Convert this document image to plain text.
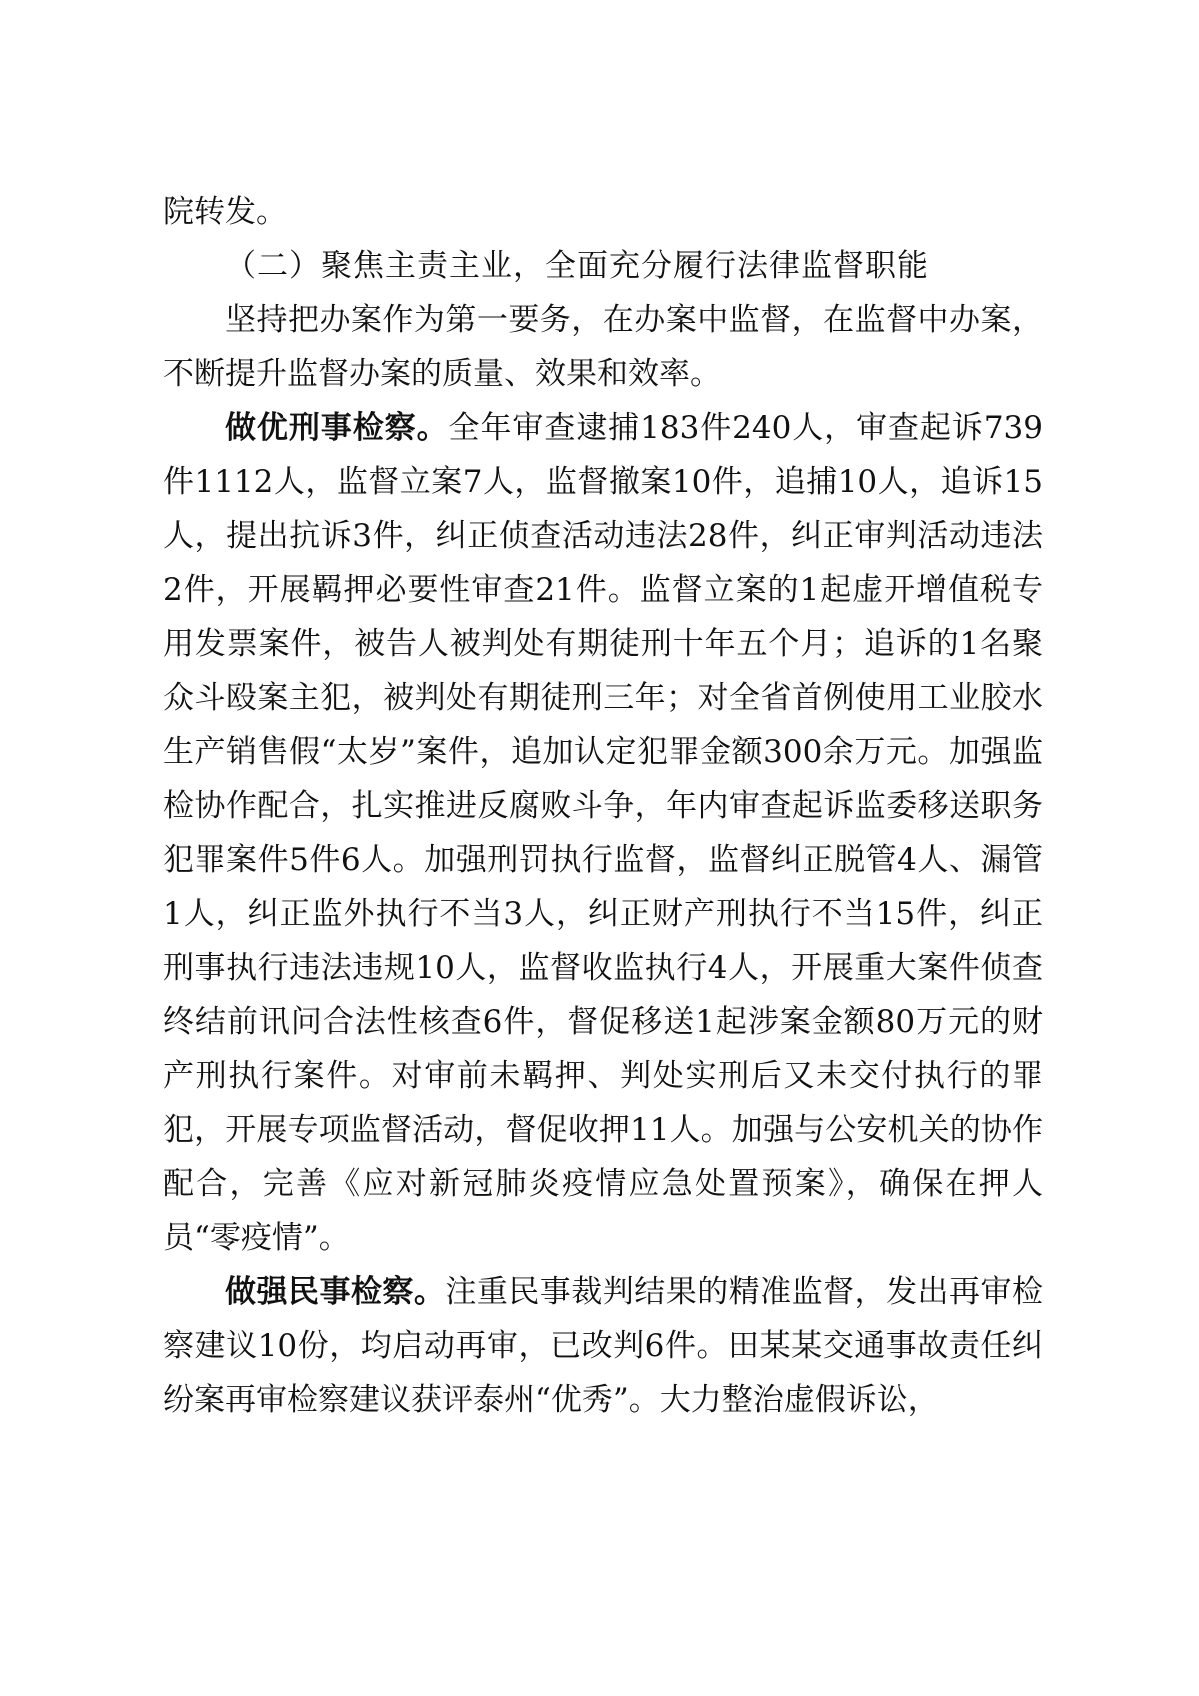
院转发。

（二）聚焦主责主业，全面充分履行法律监督职能

坚持把办案作为第一要务，在办案中监督，在监督中办案，不断提升监督办案的质量、效果和效率。

做优刑事检察。全年审查逮捕183件240人，审查起诉739件1112人，监督立案7人，监督撤案10件，追捕10人，追诉15人，提出抗诉3件，纠正侦查活动违法28件，纠正审判活动违法2件，开展羁押必要性审查21件。监督立案的1起虚开增值税专用发票案件，被告人被判处有期徒刑十年五个月；追诉的1名聚众斗殴案主犯，被判处有期徒刑三年；对全省首例使用工业胶水生产销售假“太岁”案件，追加认定犯罪金额300余万元。加强监检协作配合，扎实推进反腐败斗争，年内审查起诉监委移送职务犯罪案件5件6人。加强刑罚执行监督，监督纠正脱管4人、漏管1人，纠正监外执行不当3人，纠正财产刑执行不当15件，纠正刑事执行违法违规10人，监督收监执行4人，开展重大案件侦查终结前讯问合法性核查6件，督促移送1起涉案金额80万元的财产刑执行案件。对审前未羁押、判处实刑后又未交付执行的罪犯，开展专项监督活动，督促收押11人。加强与公安机关的协作配合，完善《应对新冠肺炎疫情应急处置预案》，确保在押人员“零疫情”。

做强民事检察。注重民事裁判结果的精准监督，发出再审检察建议10份，均启动再审，已改判6件。田某某交通事故责任纠纷案再审检察建议获评泰州“优秀”。大力整治虚假诉讼，
